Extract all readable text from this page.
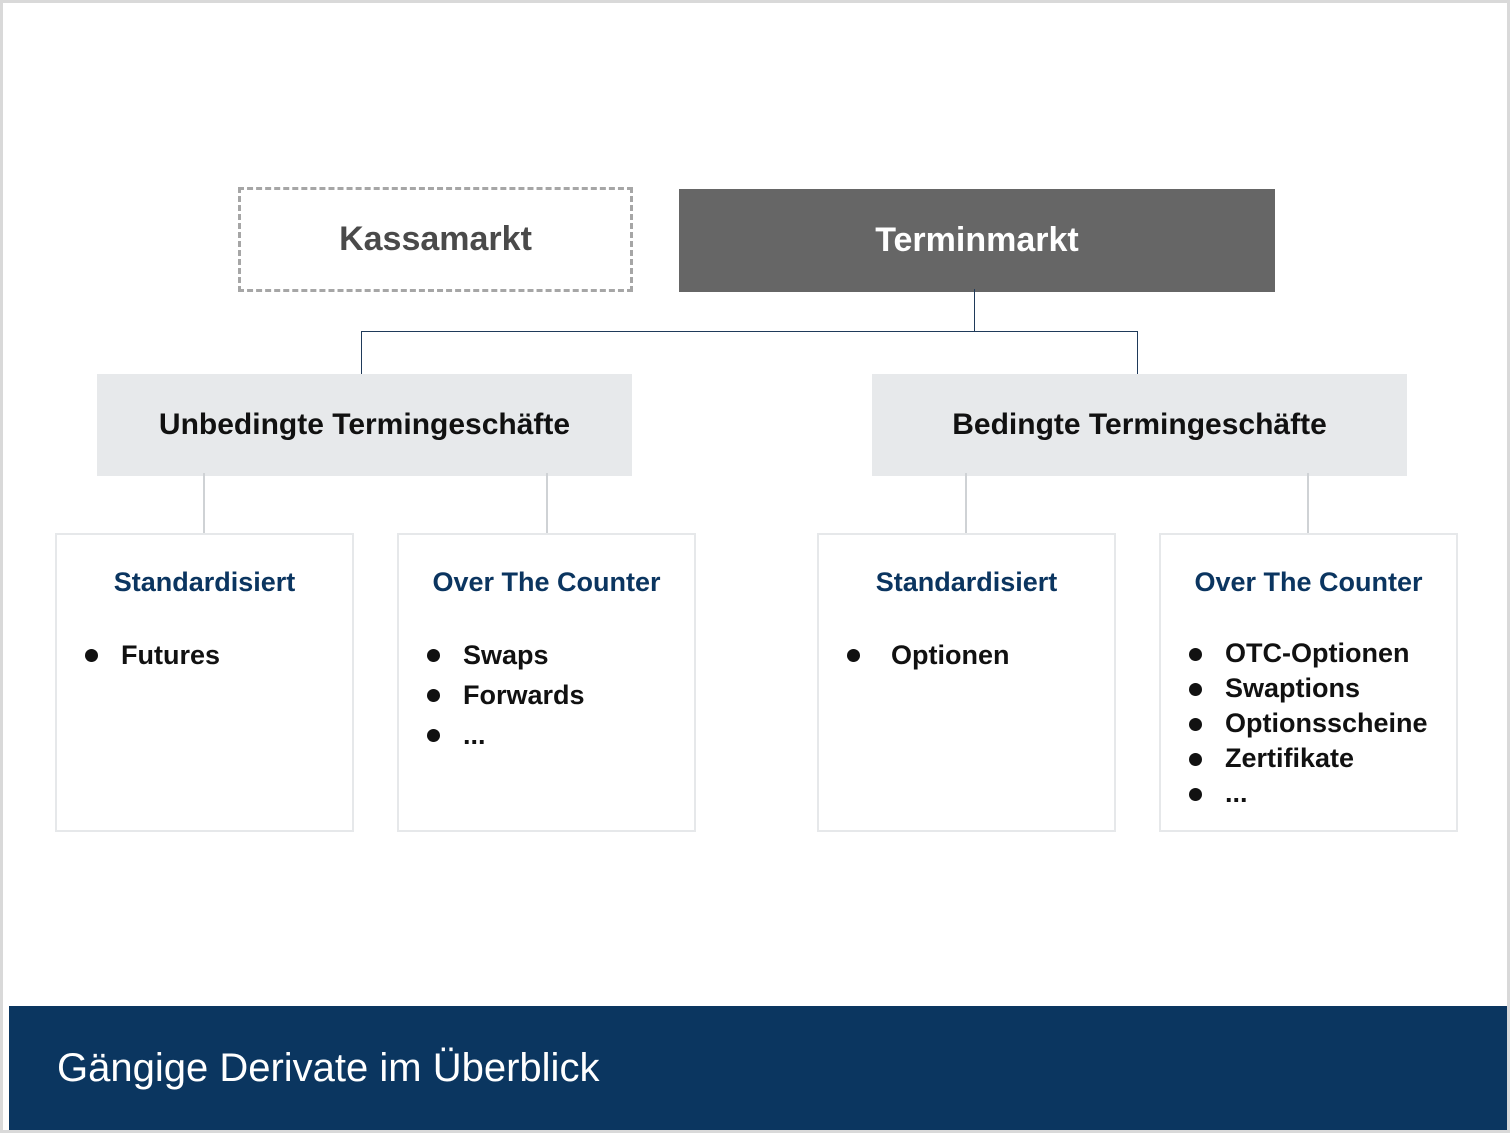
Kassamarkt	Terminmarkt
Unbedingte Termingeschäfte	Bedingte Termingeschäfte
Standardisiert
Futures
Over The Counter
Swaps
Forwards
...
Standardisiert
Optionen
Over The Counter
OTC-Optionen
Swaptions
Optionsscheine
Zertifikate
...
Gängige Derivate im Überblick
